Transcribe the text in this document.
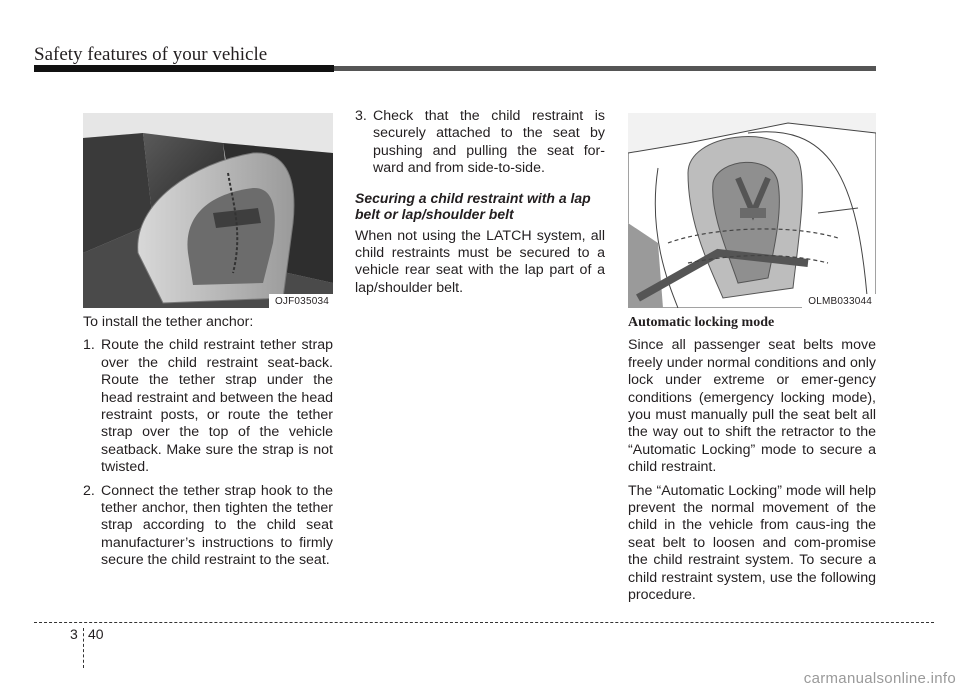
Safety features of your vehicle
OJF035034

To install the tether anchor:

1. Route the child restraint tether strap over the child restraint seat-back. Route the tether strap under the head restraint and between the head restraint posts, or route the tether strap over the top of the vehicle seatback. Make sure the strap is not twisted.
2. Connect the tether strap hook to the tether anchor, then tighten the tether strap according to the child seat manufacturer’s instructions to firmly secure the child restraint to the seat.
3. Check that the child restraint is securely attached to the seat by pushing and pulling the seat for-ward and from side-to-side.
Securing a child restraint with a lap belt or lap/shoulder belt

When not using the LATCH system, all child restraints must be secured to a vehicle rear seat with the lap part of a lap/shoulder belt.

OLMB033044
Automatic locking mode

Since all passenger seat belts move freely under normal conditions and only lock under extreme or emer-gency conditions (emergency locking mode), you must manually pull the seat belt all the way out to shift the retractor to the “Automatic Locking” mode to secure a child restraint.

The “Automatic Locking” mode will help prevent the normal movement of the child in the vehicle from caus-ing the seat belt to loosen and com-promise the child restraint system. To secure a child restraint system, use the following procedure.

3 40
carmanualsonline.info
